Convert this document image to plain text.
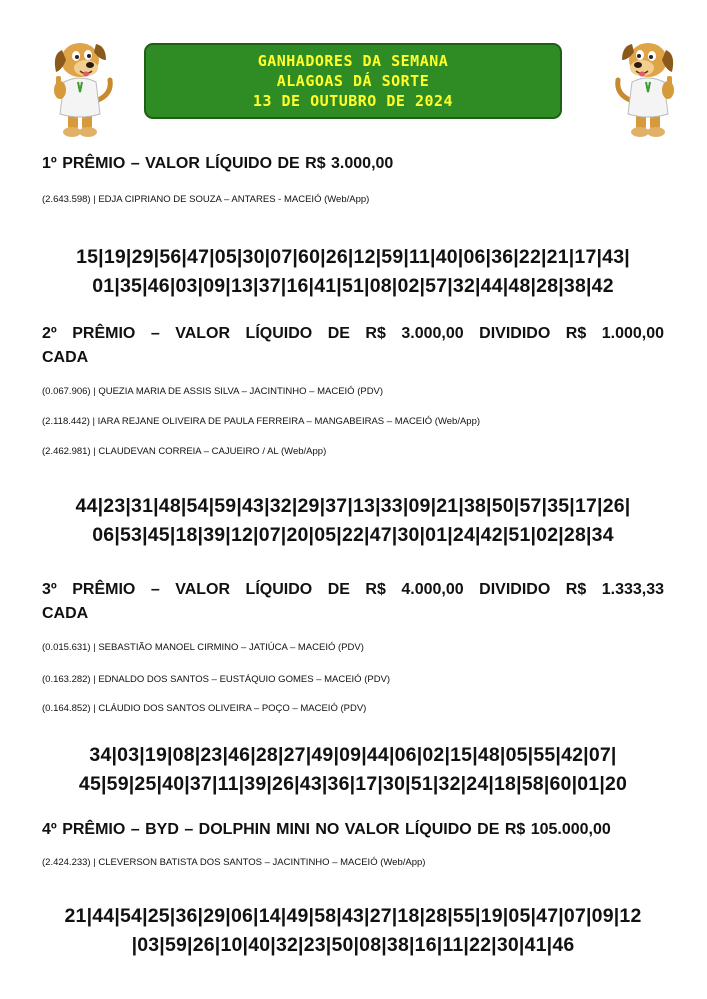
GANHADORES DA SEMANA
ALAGOAS DÁ SORTE
13 DE OUTUBRO DE 2024
1º PRÊMIO – VALOR LÍQUIDO DE R$ 3.000,00
(2.643.598) | EDJA CIPRIANO DE SOUZA – ANTARES - MACEIÓ (Web/App)
15|19|29|56|47|05|30|07|60|26|12|59|11|40|06|36|22|21|17|43|
01|35|46|03|09|13|37|16|41|51|08|02|57|32|44|48|28|38|42
2º PRÊMIO – VALOR LÍQUIDO DE R$ 3.000,00 DIVIDIDO R$ 1.000,00
CADA
(0.067.906) | QUEZIA MARIA DE ASSIS SILVA – JACINTINHO – MACEIÓ (PDV)
(2.118.442) | IARA REJANE OLIVEIRA DE PAULA FERREIRA – MANGABEIRAS – MACEIÓ (Web/App)
(2.462.981) | CLAUDEVAN CORREIA – CAJUEIRO / AL (Web/App)
44|23|31|48|54|59|43|32|29|37|13|33|09|21|38|50|57|35|17|26|
06|53|45|18|39|12|07|20|05|22|47|30|01|24|42|51|02|28|34
3º PRÊMIO – VALOR LÍQUIDO DE R$ 4.000,00 DIVIDIDO R$ 1.333,33
CADA
(0.015.631) | SEBASTIÃO MANOEL CIRMINO – JATIÚCA – MACEIÓ (PDV)
(0.163.282) | EDNALDO DOS SANTOS – EUSTÁQUIO GOMES – MACEIÓ (PDV)
(0.164.852) | CLÁUDIO DOS SANTOS OLIVEIRA – POÇO – MACEIÓ (PDV)
34|03|19|08|23|46|28|27|49|09|44|06|02|15|48|05|55|42|07|
45|59|25|40|37|11|39|26|43|36|17|30|51|32|24|18|58|60|01|20
4º PRÊMIO – BYD – DOLPHIN MINI NO VALOR LÍQUIDO DE R$ 105.000,00
(2.424.233) | CLEVERSON BATISTA DOS SANTOS – JACINTINHO – MACEIÓ (Web/App)
21|44|54|25|36|29|06|14|49|58|43|27|18|28|55|19|05|47|07|09|12
|03|59|26|10|40|32|23|50|08|38|16|11|22|30|41|46
